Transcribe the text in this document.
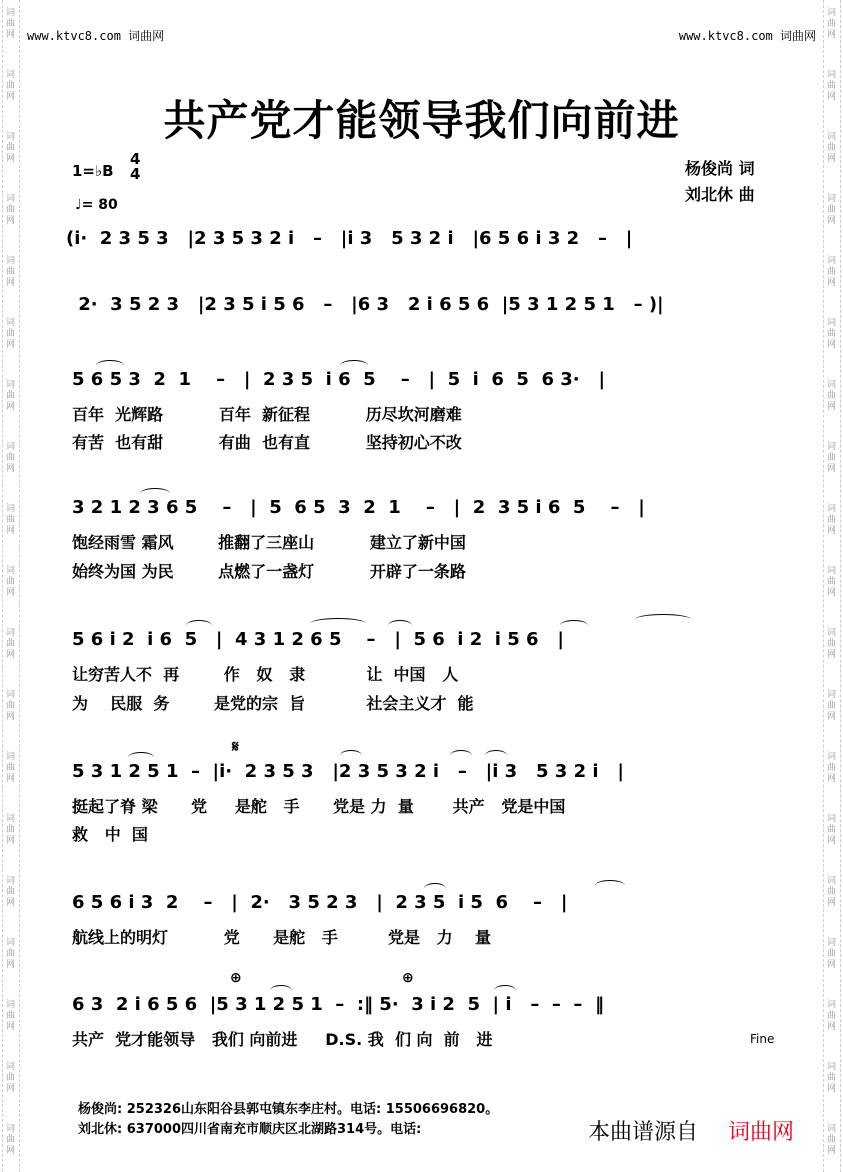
词
曲
网
词
曲
网
词
曲
网
词
曲
网
词
曲
网
词
曲
网
词
曲
网
词
曲
网
词
曲
网
词
曲
网
词
曲
网
词
曲
网
词
曲
网
词
曲
网
词
曲
网
词
曲
网
词
曲
网
词
曲
网
词
曲
网
词
曲
网
词
曲
网
词
曲
网
词
曲
网
词
曲
网
词
曲
网
词
曲
网
词
曲
网
词
曲
网
词
曲
网
词
曲
网
词
曲
网
词
曲
网
词
曲
网
词
曲
网
词
曲
网
词
曲
网
词
曲
网
词
曲
网
www.ktvc8.com 词曲网	www.ktvc8.com 词曲网
共产党才能领导我们向前进
1=♭B
4
4
♩= 80
杨俊尚 词
刘北休 曲
(i·  2 3 5 3   |2 3 5 3 2 i   –   |i 3   5 3 2 i   |6 5 6 i 3 2   –   |
2·  3 5 2 3   |2 3 5 i 5 6   –   |6 3   2 i 6 5 6  |5 3 1 2 5 1   – )|
5 6 5 3  2  1    –   |  2 3 5  i 6  5    –   |  5  i  6  5  6 3·   |
百年  光辉路          百年  新征程          历尽坎河磨难
有苦  也有甜          有曲  也有直          坚持初心不改
3 2 1 2 3 6 5    –   |  5  6 5  3  2  1    –   |  2  3 5 i 6  5    –   |
饱经雨雪 霜风        推翻了三座山          建立了新中国
始终为国 为民        点燃了一盏灯          开辟了一条路
5 6 i 2  i 6  5   |  4 3 1 2 6 5    –   |  5 6  i 2  i 5 6   |
让穷苦人不  再        作   奴   隶           让  中国   人
为    民服  务        是党的宗  旨           社会主义才  能
𝄋
5 3 1 2 5 1  –  |i·  2 3 5 3   |2 3 5 3 2 i   –   |i 3   5 3 2 i   |
挺起了脊 梁      党     是舵   手      党是 力  量       共产   党是中国
救   中  国
6 5 6 i 3  2    –   |  2·   3 5 2 3   |  2 3 5  i 5  6    –   |
航线上的明灯          党      是舵   手         党是   力    量
⊕	⊕
6 3  2 i 6 5 6  |5 3 1 2 5 1  –  :‖ 5·  3 i 2  5  | i   –  –  –  ‖
共产  党才能领导   我们 向前进     D.S. 我  们 向  前   进	Fine
杨俊尚: 252326山东阳谷县郭屯镇东李庄村。电话: 15506696820。
刘北休: 637000四川省南充市顺庆区北湖路314号。电话:	本曲谱源自 词曲网
